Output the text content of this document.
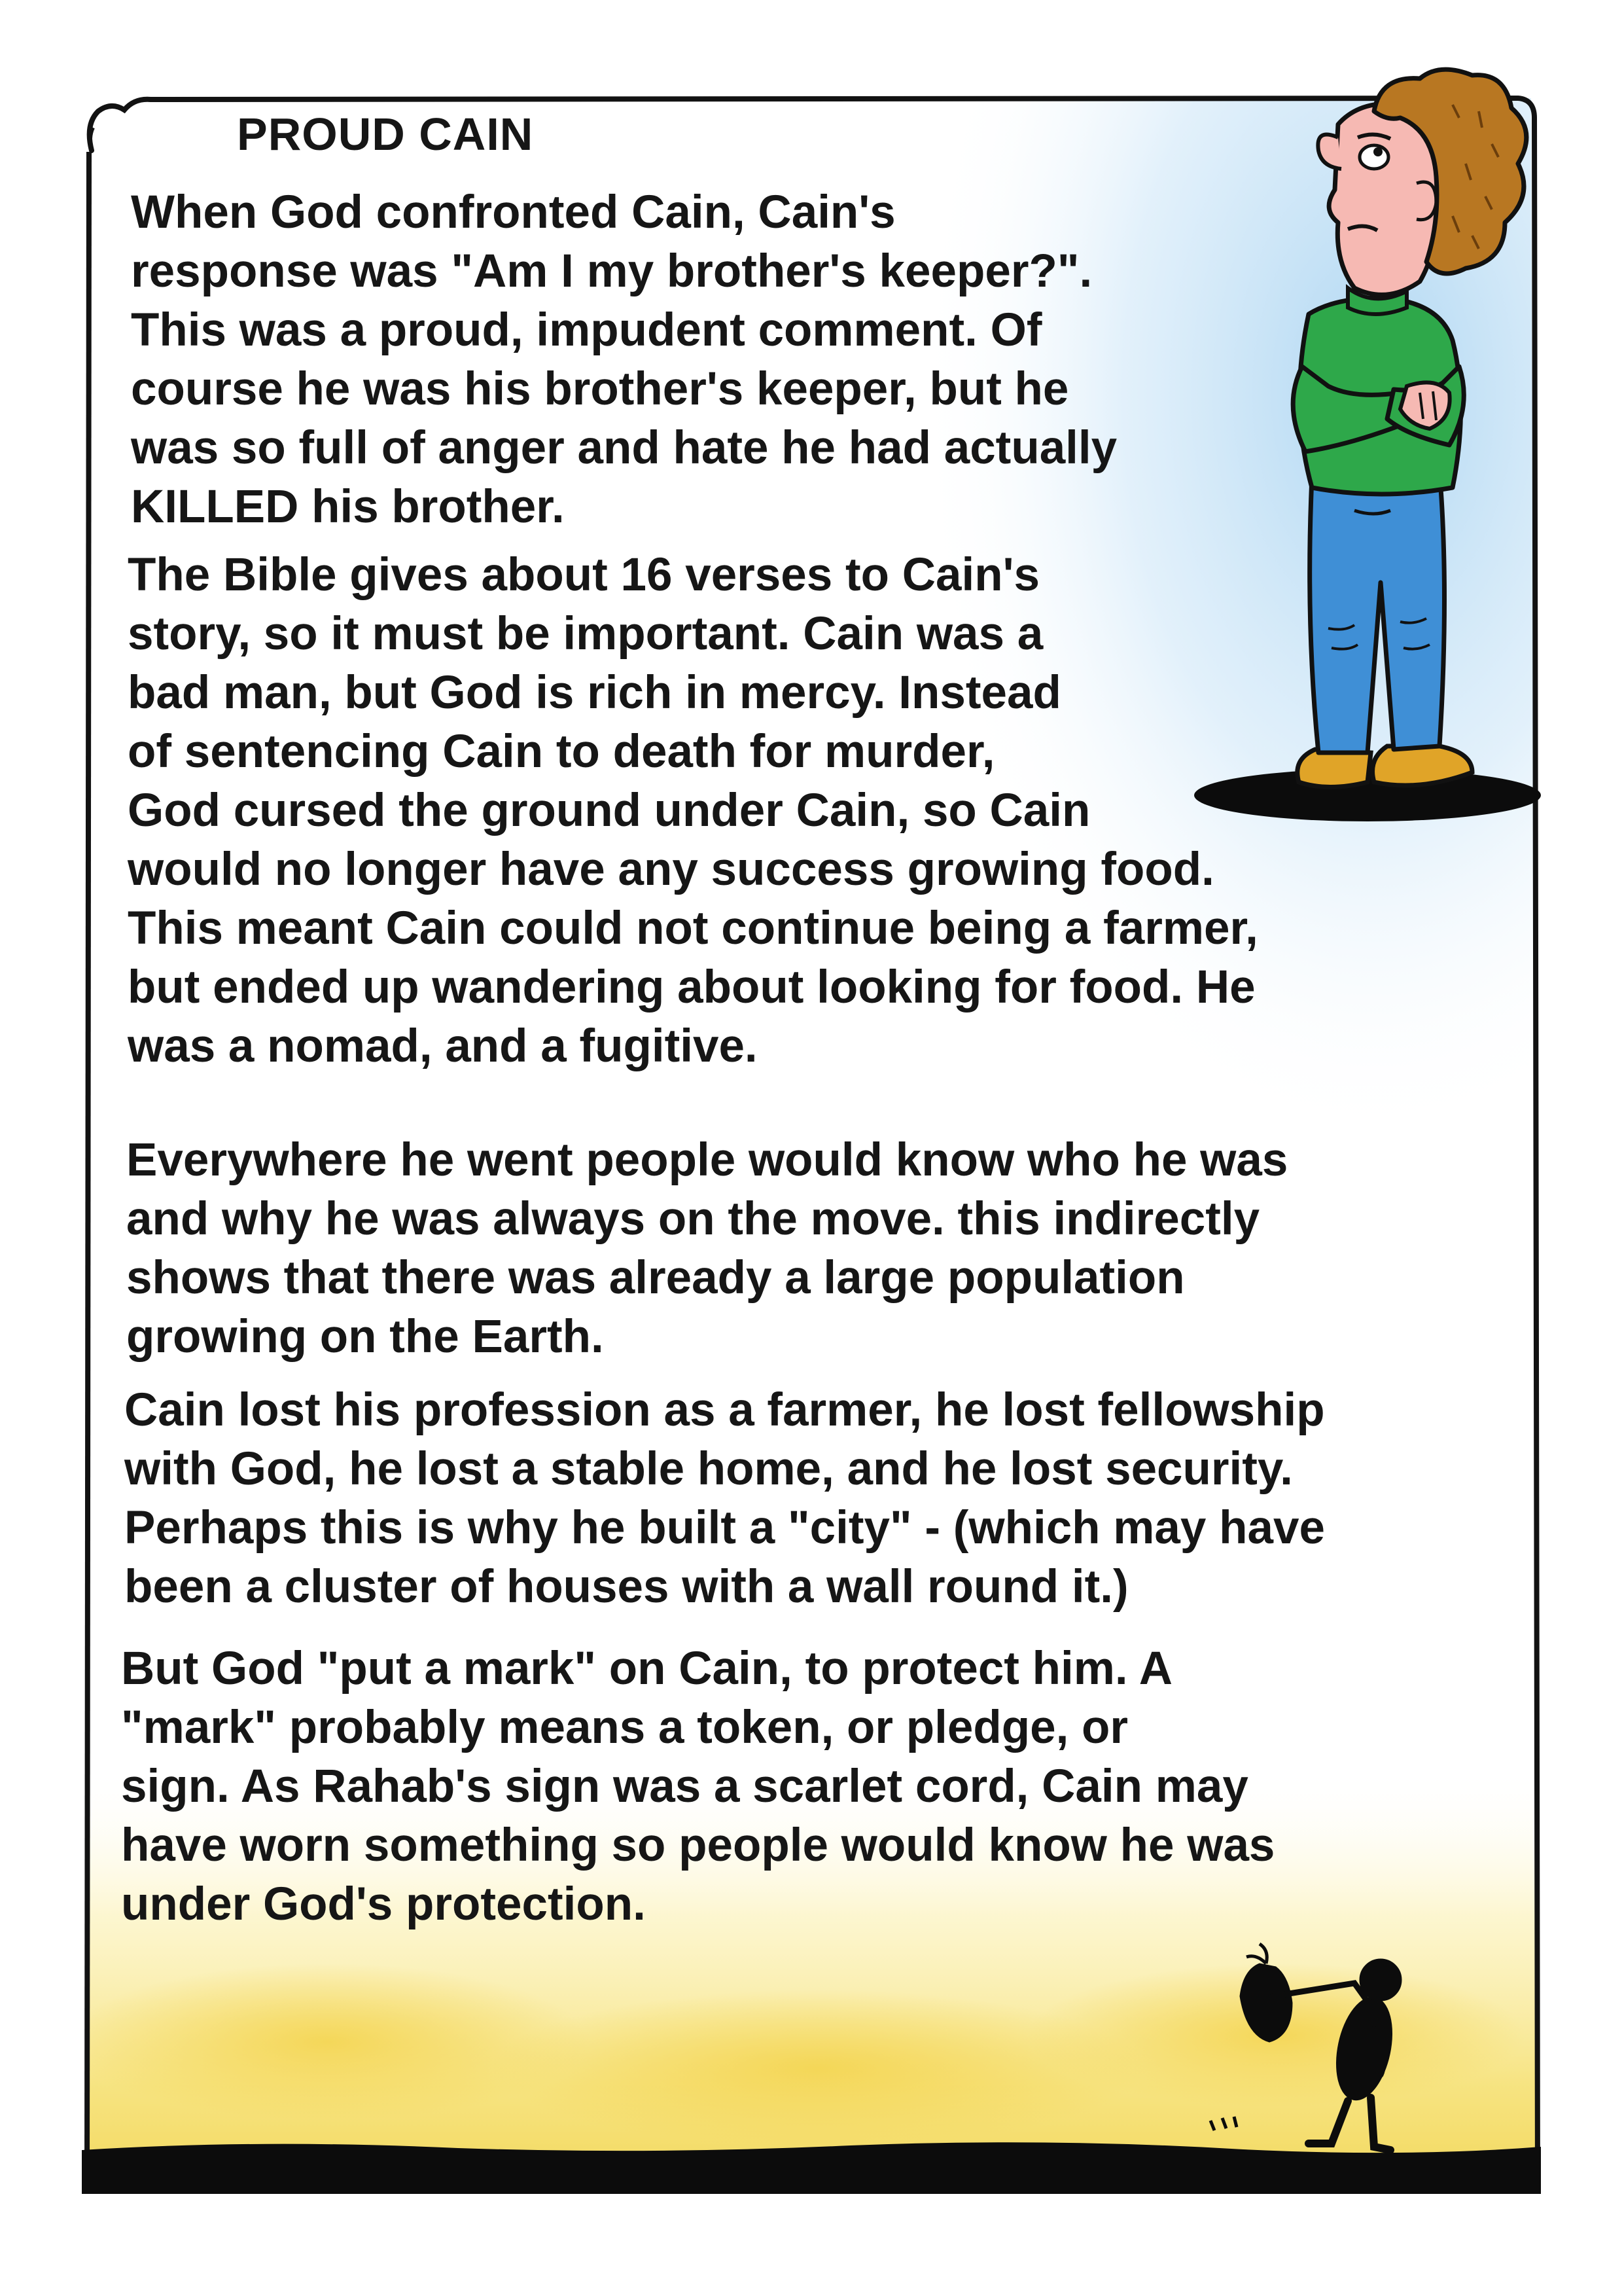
PROUD CAIN

When God confronted Cain, Cain's
response was "Am I my brother's keeper?".
This was a proud, impudent comment. Of
course he was his brother's keeper, but he
was so full of anger and hate he had actually
KILLED his brother.

The Bible gives about 16 verses to Cain's
story, so it must be important. Cain was a
bad man, but God is rich in mercy. Instead
of sentencing Cain to death for murder,
God cursed the ground under Cain, so Cain
would no longer have any success growing food.
This meant Cain could not continue being a farmer,
but ended up wandering about looking for food. He
was a nomad, and a fugitive.

Everywhere he went people would know who he was
and why he was always on the move. this indirectly
shows that there was already a large population
growing on the Earth.

Cain lost his profession as a farmer, he lost fellowship
with God, he lost a stable home, and he lost security.
Perhaps this is why he built a "city" - (which may have
been a cluster of houses with a wall round it.)

But God "put a mark" on Cain, to protect him. A
"mark" probably means a token, or pledge, or
sign. As Rahab's sign was a scarlet cord, Cain may
have worn something so people would know he was
under God's protection.
